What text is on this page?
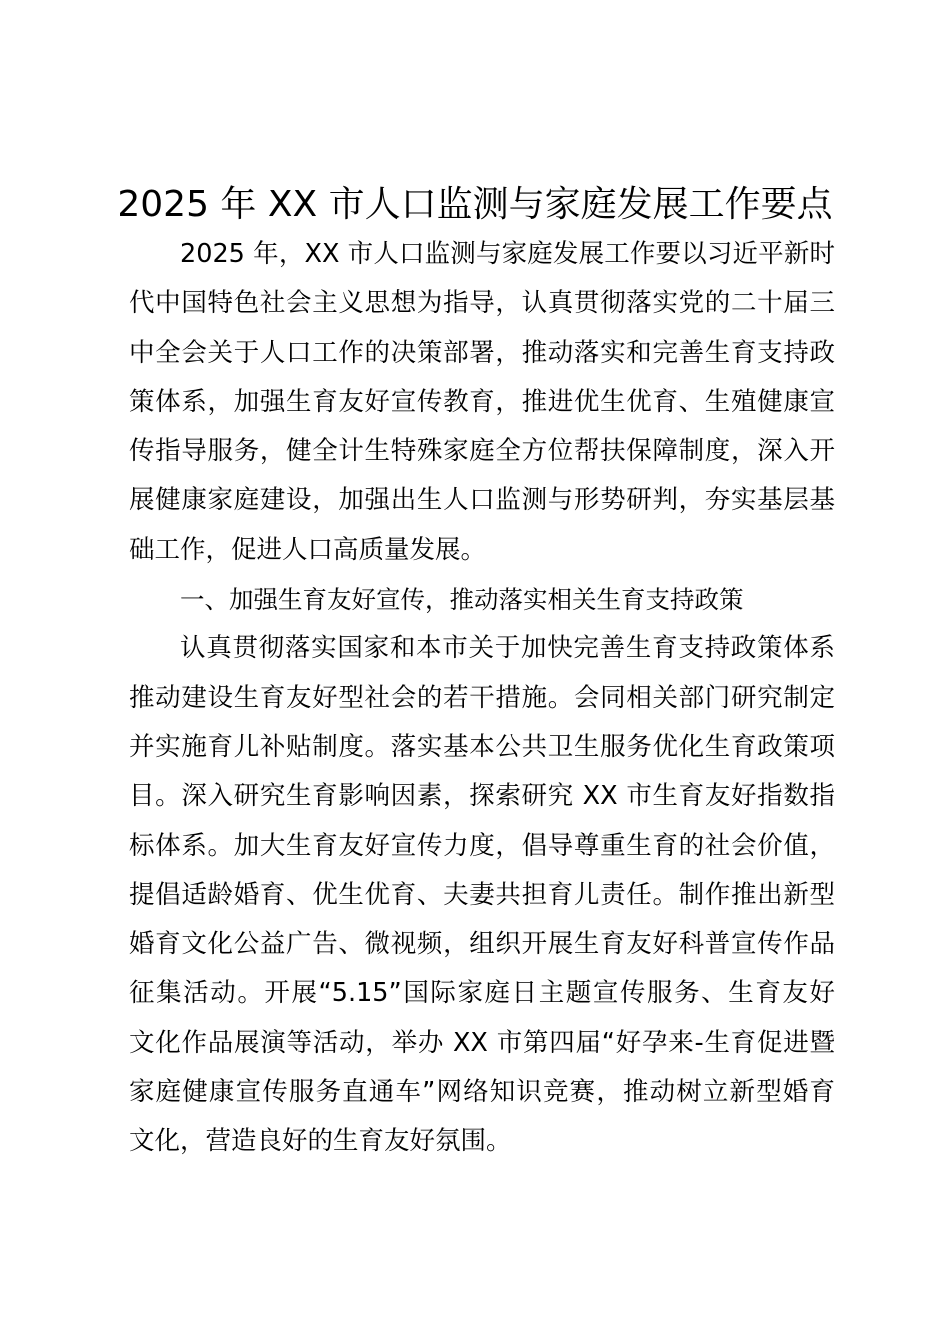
2025 年 XX 市人口监测与家庭发展工作要点
2025 年，XX 市人口监测与家庭发展工作要以习近平新时
代中国特色社会主义思想为指导，认真贯彻落实党的二十届三
中全会关于人口工作的决策部署，推动落实和完善生育支持政
策体系，加强生育友好宣传教育，推进优生优育、生殖健康宣
传指导服务，健全计生特殊家庭全方位帮扶保障制度，深入开
展健康家庭建设，加强出生人口监测与形势研判，夯实基层基
础工作，促进人口高质量发展。
一、加强生育友好宣传，推动落实相关生育支持政策
认真贯彻落实国家和本市关于加快完善生育支持政策体系
推动建设生育友好型社会的若干措施。会同相关部门研究制定
并实施育儿补贴制度。落实基本公共卫生服务优化生育政策项
目。深入研究生育影响因素，探索研究 XX 市生育友好指数指
标体系。加大生育友好宣传力度，倡导尊重生育的社会价值，
提倡适龄婚育、优生优育、夫妻共担育儿责任。制作推出新型
婚育文化公益广告、微视频，组织开展生育友好科普宣传作品
征集活动。开展“5.15”国际家庭日主题宣传服务、生育友好
文化作品展演等活动，举办 XX 市第四届“好孕来-生育促进暨
家庭健康宣传服务直通车”网络知识竞赛，推动树立新型婚育
文化，营造良好的生育友好氛围。
